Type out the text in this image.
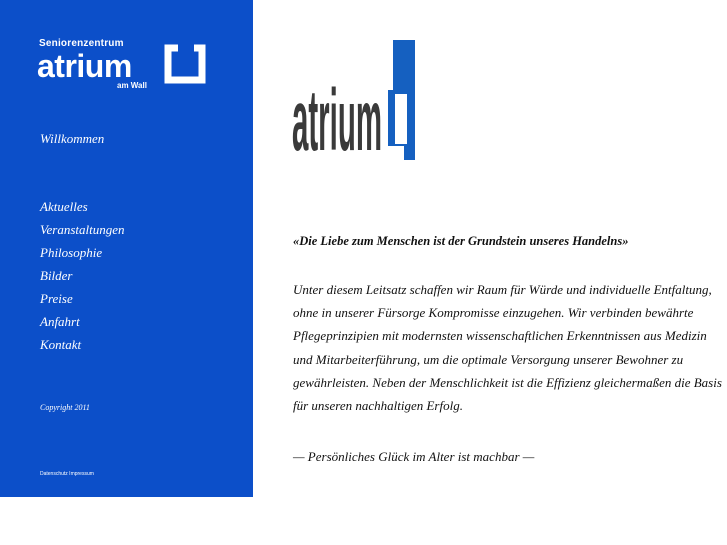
Seniorenzentrum
atrium
am Wall
Willkommen
Aktuelles
Veranstaltungen
Philosophie
Bilder
Preise
Anfahrt
Kontakt
Copyright 2011
Datenschutz Impressum
atrium
«Die Liebe zum Menschen ist der Grundstein unseres Handelns»

Unter diesem Leitsatz schaffen wir Raum für Würde und individuelle Entfaltung, ohne in unserer Fürsorge Kompromisse einzugehen. Wir verbinden bewährte Pflegeprinzipien mit modernsten wissenschaftlichen Erkenntnissen aus Medizin und Mitarbeiterführung, um die optimale Versorgung unserer Bewohner zu gewährleisten. Neben der Menschlichkeit ist die Effizienz gleichermaßen die Basis für unseren nachhaltigen Erfolg.

— Persönliches Glück im Alter ist machbar —
